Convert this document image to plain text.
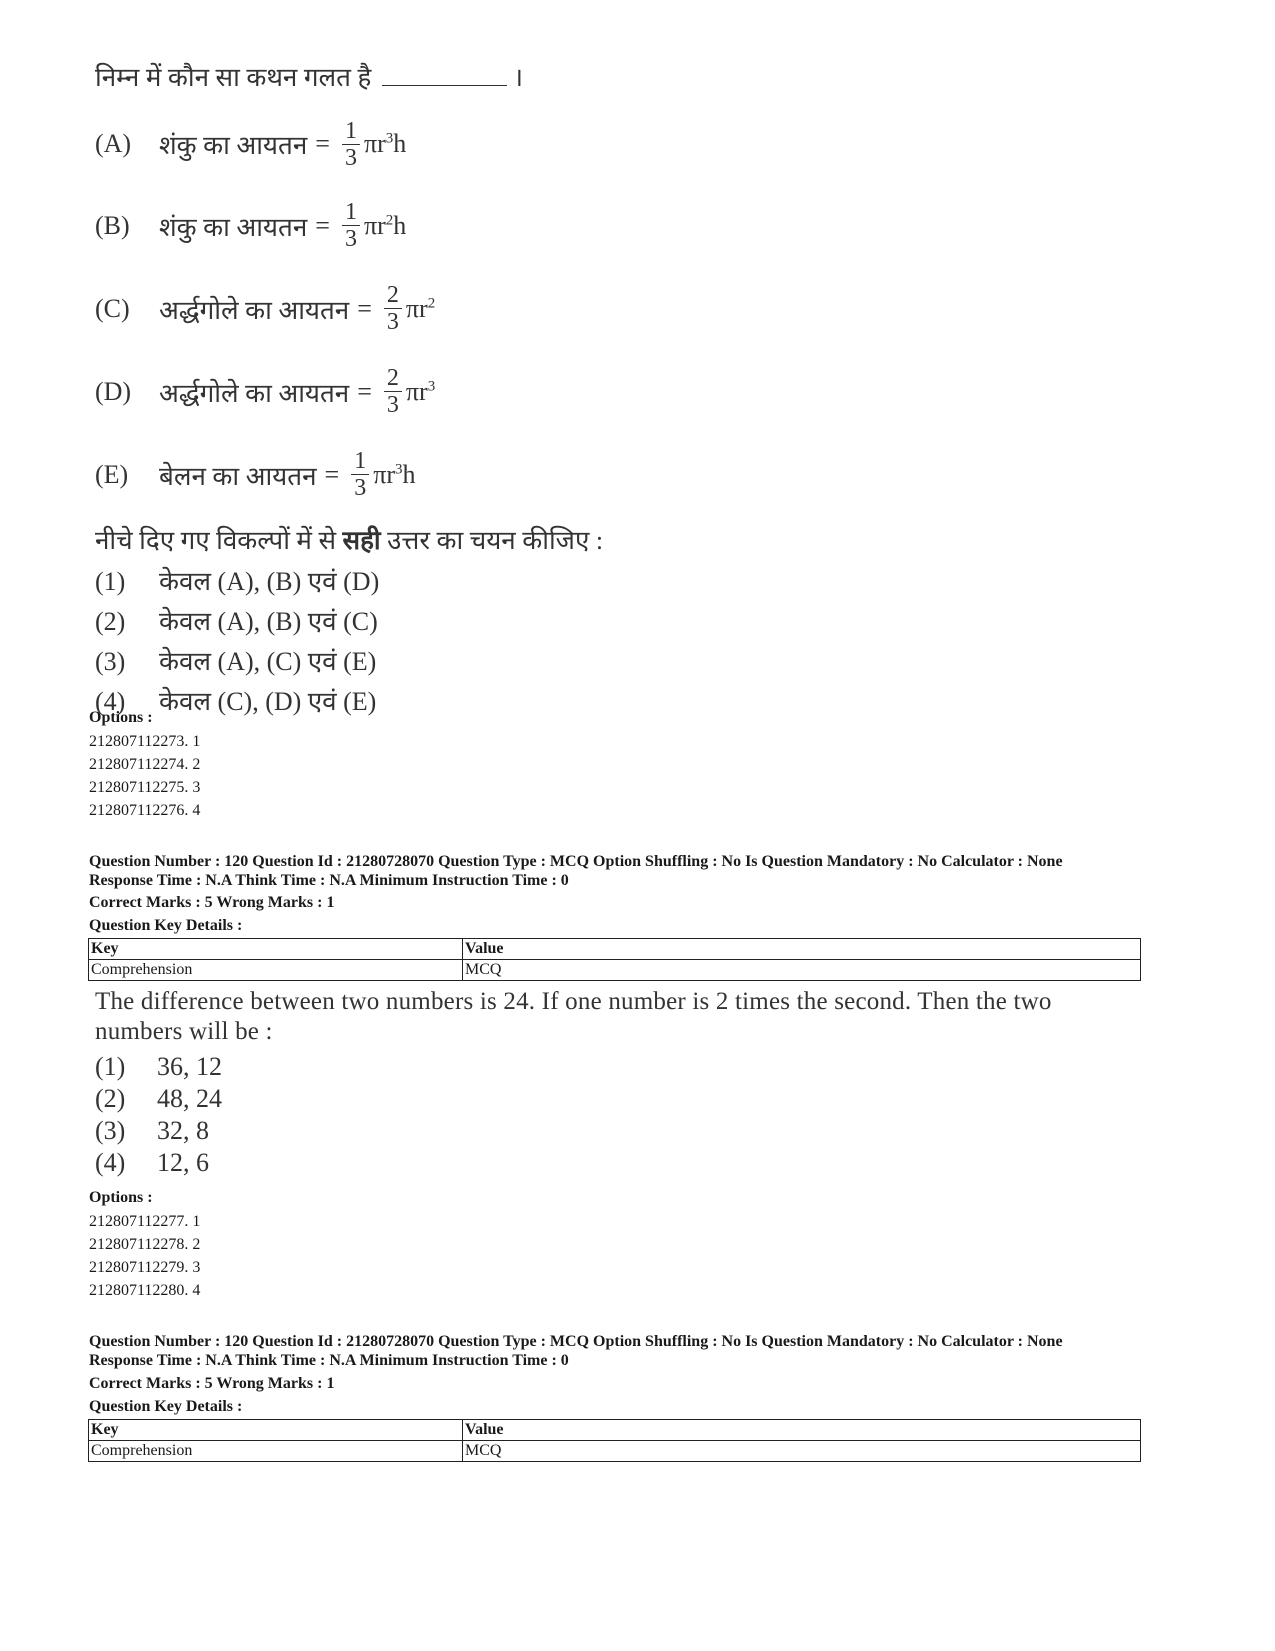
निम्न में कौन सा कथन गलत है	।
(A)	शंकु का आयतन = $\frac{1}{3} \pi r^3h$
(B)	शंकु का आयतन = $\frac{1}{3} \pi r^2h$
(C)	अर्द्धगोले का आयतन = $\frac{2}{3} \pi r^2$
(D)	अर्द्धगोले का आयतन = $\frac{2}{3} \pi r^3$
(E)	बेलन का आयतन = $\frac{1}{3} \pi r^3h$
नीचे दिए गए विकल्पों में से सही उत्तर का चयन कीजिए :
(1) केवल (A), (B) एवं (D)
(2) केवल (A), (B) एवं (C)
(3) केवल (A), (C) एवं (E)
(4) केवल (C), (D) एवं (E)
Options :
212807112273. 1
212807112274. 2
212807112275. 3
212807112276. 4
Question Number : 120 Question Id : 21280728070 Question Type : MCQ Option Shuffling : No Is Question Mandatory : No Calculator : None
Response Time : N.A Think Time : N.A Minimum Instruction Time : 0
Correct Marks : 5 Wrong Marks : 1
Question Key Details :
Key	Value
Comprehension	MCQ
The difference between two numbers is 24. If one number is 2 times the second. Then the two
numbers will be :
(1) 36, 12
(2) 48, 24
(3) 32, 8
(4) 12, 6
Options :
212807112277. 1
212807112278. 2
212807112279. 3
212807112280. 4
Question Number : 120 Question Id : 21280728070 Question Type : MCQ Option Shuffling : No Is Question Mandatory : No Calculator : None
Response Time : N.A Think Time : N.A Minimum Instruction Time : 0
Correct Marks : 5 Wrong Marks : 1
Question Key Details :
Key	Value
Comprehension	MCQ
